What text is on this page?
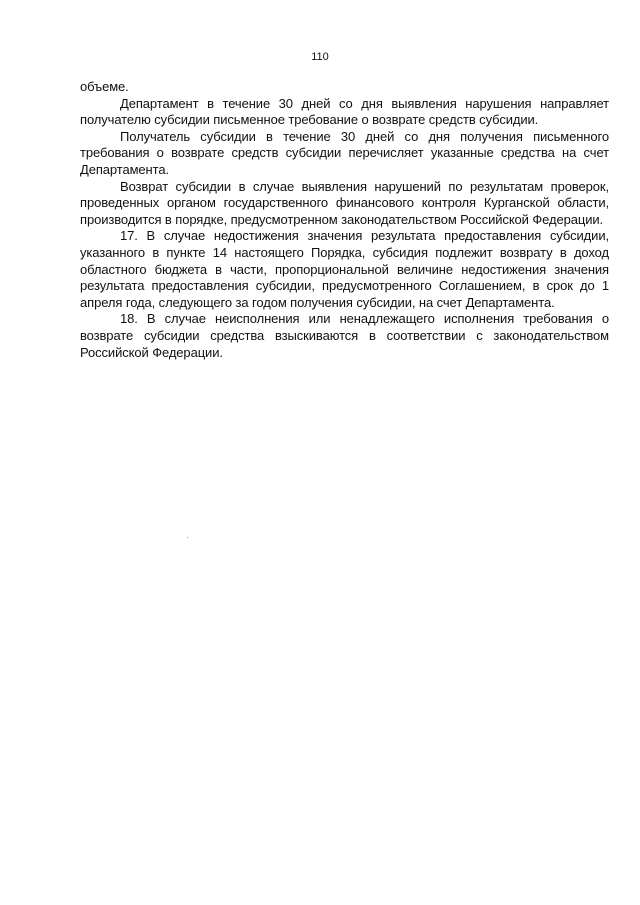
110

объеме.

Департамент в течение 30 дней со дня выявления нарушения направляет получателю субсидии письменное требование о возврате средств субсидии.

Получатель субсидии в течение 30 дней со дня получения письменного требования о возврате средств субсидии перечисляет указанные средства на счет Департамента.

Возврат субсидии в случае выявления нарушений по результатам проверок, проведенных органом государственного финансового контроля Курганской области, производится в порядке, предусмотренном законодательством Российской Федерации.

17. В случае недостижения значения результата предоставления субсидии, указанного в пункте 14 настоящего Порядка, субсидия подлежит возврату в доход областного бюджета в части, пропорциональной величине недостижения значения результата предоставления субсидии, предусмотренного Соглашением, в срок до 1 апреля года, следующего за годом получения субсидии, на счет Департамента.

18. В случае неисполнения или ненадлежащего исполнения требования о возврате субсидии средства взыскиваются в соответствии с законодательством Российской Федерации.
